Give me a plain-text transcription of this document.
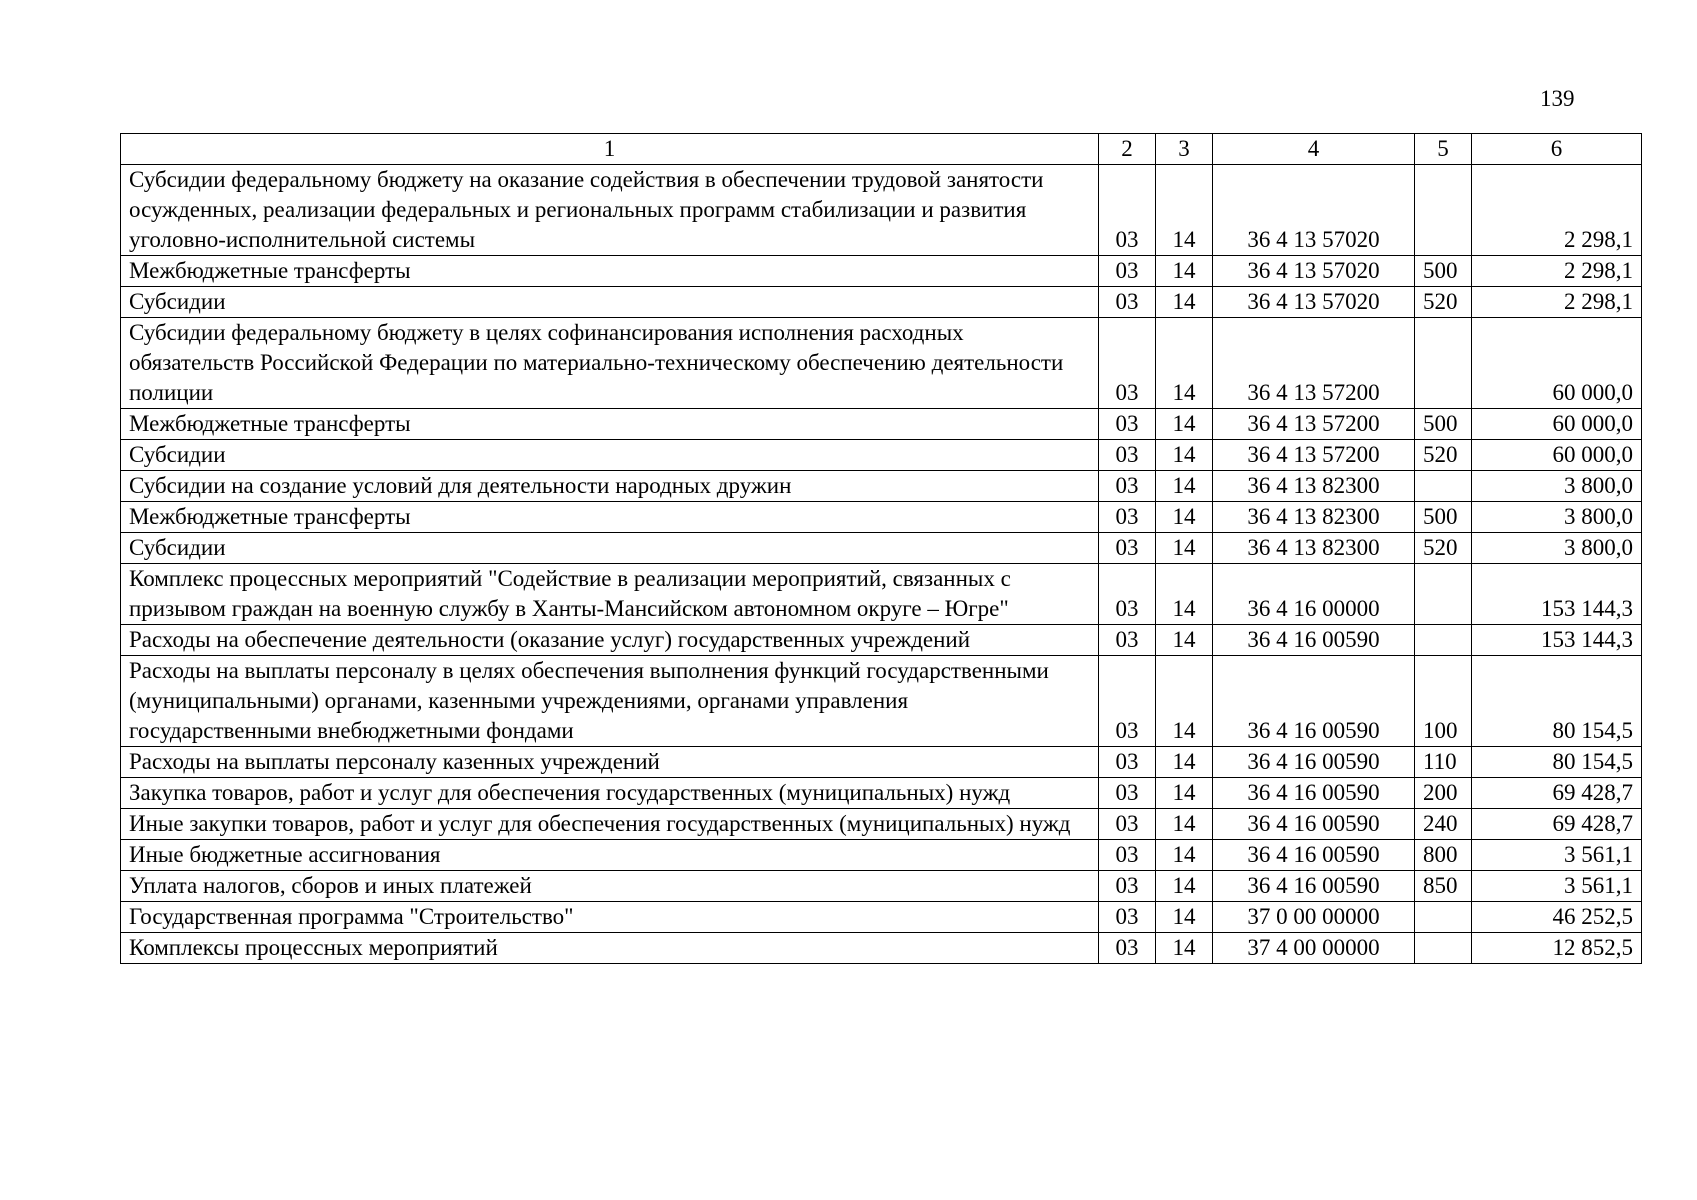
139
1	2	3	4	5	6
Субсидии федеральному бюджету на оказание содействия в обеспечении трудовой занятости осужденных, реализации федеральных и региональных программ стабилизации и развития уголовно-исполнительной системы	03	14	36 4 13 57020		2 298,1
Межбюджетные трансферты	03	14	36 4 13 57020	500	2 298,1
Субсидии	03	14	36 4 13 57020	520	2 298,1
Субсидии федеральному бюджету в целях софинансирования исполнения расходных обязательств Российской Федерации по материально-техническому обеспечению деятельности полиции	03	14	36 4 13 57200		60 000,0
Межбюджетные трансферты	03	14	36 4 13 57200	500	60 000,0
Субсидии	03	14	36 4 13 57200	520	60 000,0
Субсидии на создание условий для деятельности народных дружин	03	14	36 4 13 82300		3 800,0
Межбюджетные трансферты	03	14	36 4 13 82300	500	3 800,0
Субсидии	03	14	36 4 13 82300	520	3 800,0
Комплекс процессных мероприятий "Содействие в реализации мероприятий, связанных с призывом граждан на военную службу в Ханты-Мансийском автономном округе – Югре"	03	14	36 4 16 00000		153 144,3
Расходы на обеспечение деятельности (оказание услуг) государственных учреждений	03	14	36 4 16 00590		153 144,3
Расходы на выплаты персоналу в целях обеспечения выполнения функций государственными (муниципальными) органами, казенными учреждениями, органами управления государственными внебюджетными фондами	03	14	36 4 16 00590	100	80 154,5
Расходы на выплаты персоналу казенных учреждений	03	14	36 4 16 00590	110	80 154,5
Закупка товаров, работ и услуг для обеспечения государственных (муниципальных) нужд	03	14	36 4 16 00590	200	69 428,7
Иные закупки товаров, работ и услуг для обеспечения государственных (муниципальных) нужд	03	14	36 4 16 00590	240	69 428,7
Иные бюджетные ассигнования	03	14	36 4 16 00590	800	3 561,1
Уплата налогов, сборов и иных платежей	03	14	36 4 16 00590	850	3 561,1
Государственная программа "Строительство"	03	14	37 0 00 00000		46 252,5
Комплексы процессных мероприятий	03	14	37 4 00 00000		12 852,5
